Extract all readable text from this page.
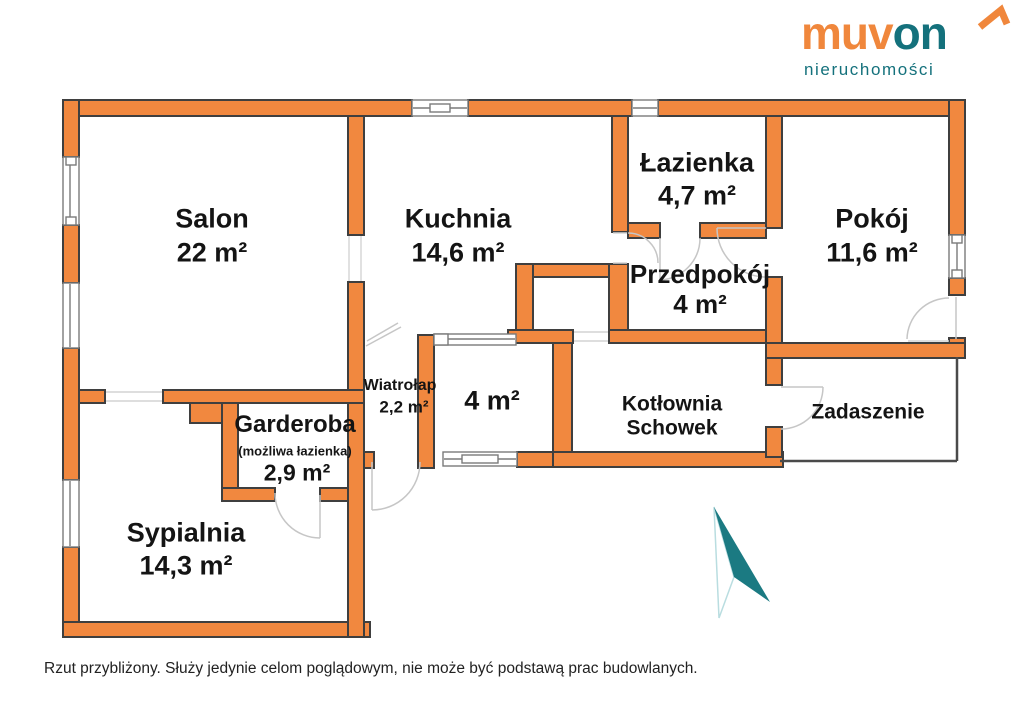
Salon
22 m²
Kuchnia
14,6 m²
Łazienka
4,7 m²
Przedpokój
4 m²
Pokój
11,6 m²
Wiatrołap
2,2 m² 4 m²
Garderoba
(możliwa łazienka)
2,9 m²
Sypialnia
14,3 m²
Kotłownia
Schowek
Zadaszenie
muvon
nieruchomości
Rzut przybliżony. Służy jedynie celom poglądowym, nie może być podstawą prac budowlanych.
